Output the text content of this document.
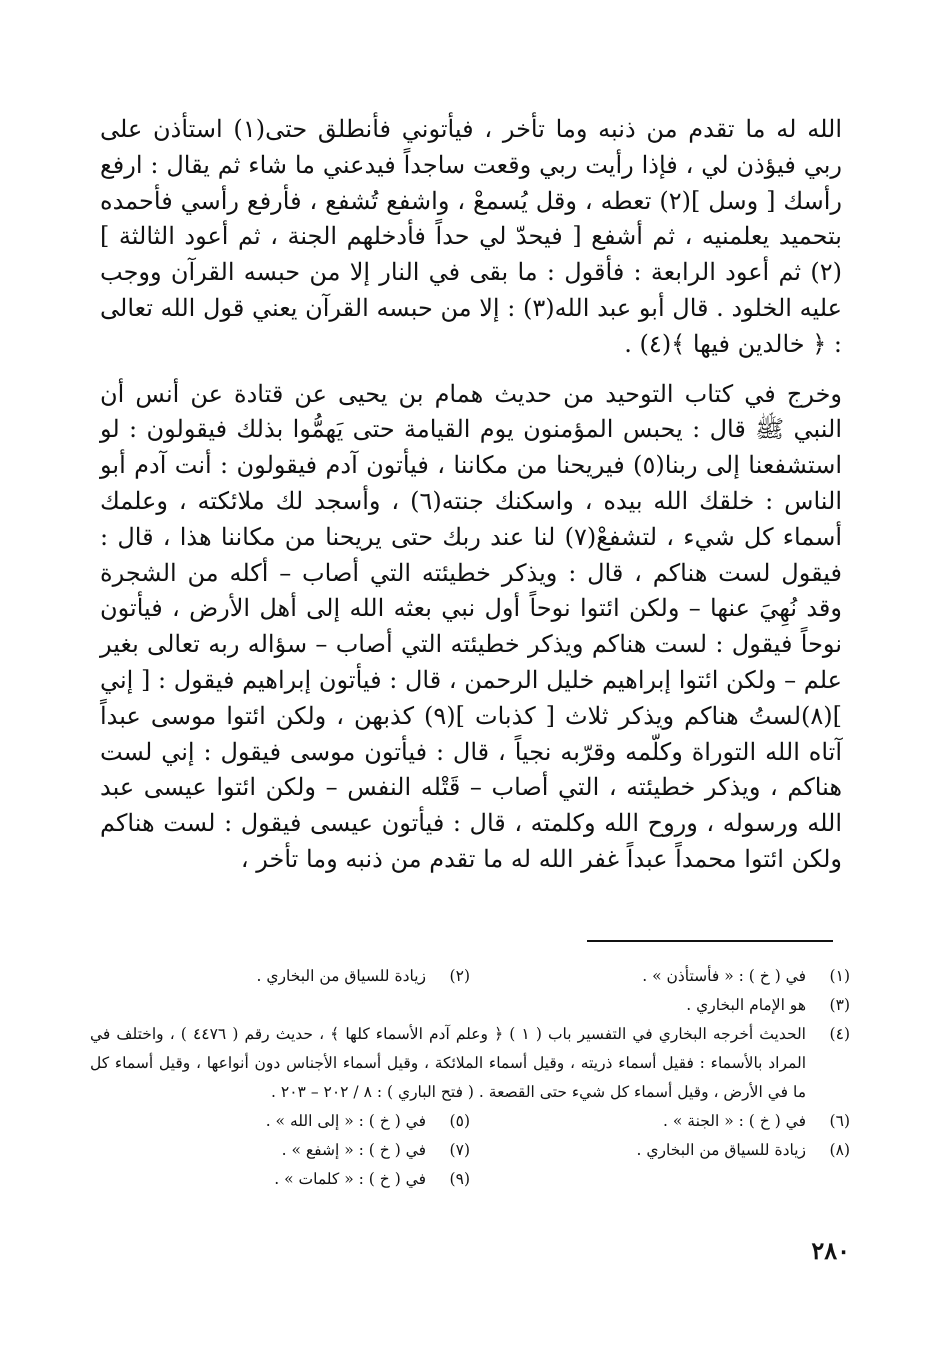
الله له ما تقدم من ذنبه وما تأخر ، فيأتوني فأنطلق حتى(١) استأذن على ربي فيؤذن لي ، فإذا رأيت ربي وقعت ساجداً فيدعني ما شاء ثم يقال : ارفع رأسك [ وسل ](٢) تعطه ، وقل يُسمعْ ، واشفع تُشفع ، فأرفع رأسي فأحمده بتحميد يعلمنيه ، ثم أشفع [ فيحدّ لي حداً فأدخلهم الجنة ، ثم أعود الثالثة ](٢) ثم أعود الرابعة : فأقول : ما بقى في النار إلا من حبسه القرآن ووجب عليه الخلود . قال أبو عبد الله(٣) : إلا من حبسه القرآن يعني قول الله تعالى : ﴿ خالدين فيها ﴾(٤) .

وخرج في كتاب التوحيد من حديث همام بن يحيى عن قتادة عن أنس أن النبي ﷺ قال : يحبس المؤمنون يوم القيامة حتى يَهمُّوا بذلك فيقولون : لو استشفعنا إلى ربنا(٥) فيريحنا من مكاننا ، فيأتون آدم فيقولون : أنت آدم أبو الناس : خلقك الله بيده ، واسكنك جنته(٦) ، وأسجد لك ملائكته ، وعلمك أسماء كل شيء ، لتشفعْ(٧) لنا عند ربك حتى يريحنا من مكاننا هذا ، قال : فيقول لست هناكم ، قال : ويذكر خطيئته التي أصاب – أكله من الشجرة وقد نُهِيَ عنها – ولكن ائتوا نوحاً أول نبي بعثه الله إلى أهل الأرض ، فيأتون نوحاً فيقول : لست هناكم ويذكر خطيئته التي أصاب – سؤاله ربه تعالى بغير علم – ولكن ائتوا إبراهيم خليل الرحمن ، قال : فيأتون إبراهيم فيقول : [ إني ](٨)لستُ هناكم ويذكر ثلاث [ كذبات ](٩) كذبهن ، ولكن ائتوا موسى عبداً آتاه الله التوراة وكلّمه وقرّبه نجياً ، قال : فيأتون موسى فيقول : إني لست هناكم ، ويذكر خطيئته ، التي أصاب – قَتْله النفس – ولكن ائتوا عيسى عبد الله ورسوله ، وروح الله وكلمته ، قال : فيأتون عيسى فيقول : لست هناكم ولكن ائتوا محمداً عبداً غفر الله له ما تقدم من ذنبه وما تأخر ،

(١)
في ( خ ) : « فأستأذن » .
(٢)
زيادة للسياق من البخاري .
(٣)
هو الإمام البخاري .
(٤)
الحديث أخرجه البخاري في التفسير باب ( ١ ) ﴿ وعلم آدم الأسماء كلها ﴾ ، حديث رقم ( ٤٤٧٦ ) ، واختلف في المراد بالأسماء : فقيل أسماء ذريته ، وقيل أسماء الملائكة ، وقيل أسماء الأجناس دون أنواعها ، وقيل أسماء كل ما في الأرض ، وقيل أسماء كل شيء حتى القصعة . ( فتح الباري ) : ٨ / ٢٠٢ – ٢٠٣ .
(٦)
في ( خ ) : « الجنة » .
(٥)
في ( خ ) : « إلى الله » .
(٨)
زيادة للسياق من البخاري .
(٧)
في ( خ ) : « إشفع » .
(٩)
في ( خ ) : « كلمات » .
٢٨٠
